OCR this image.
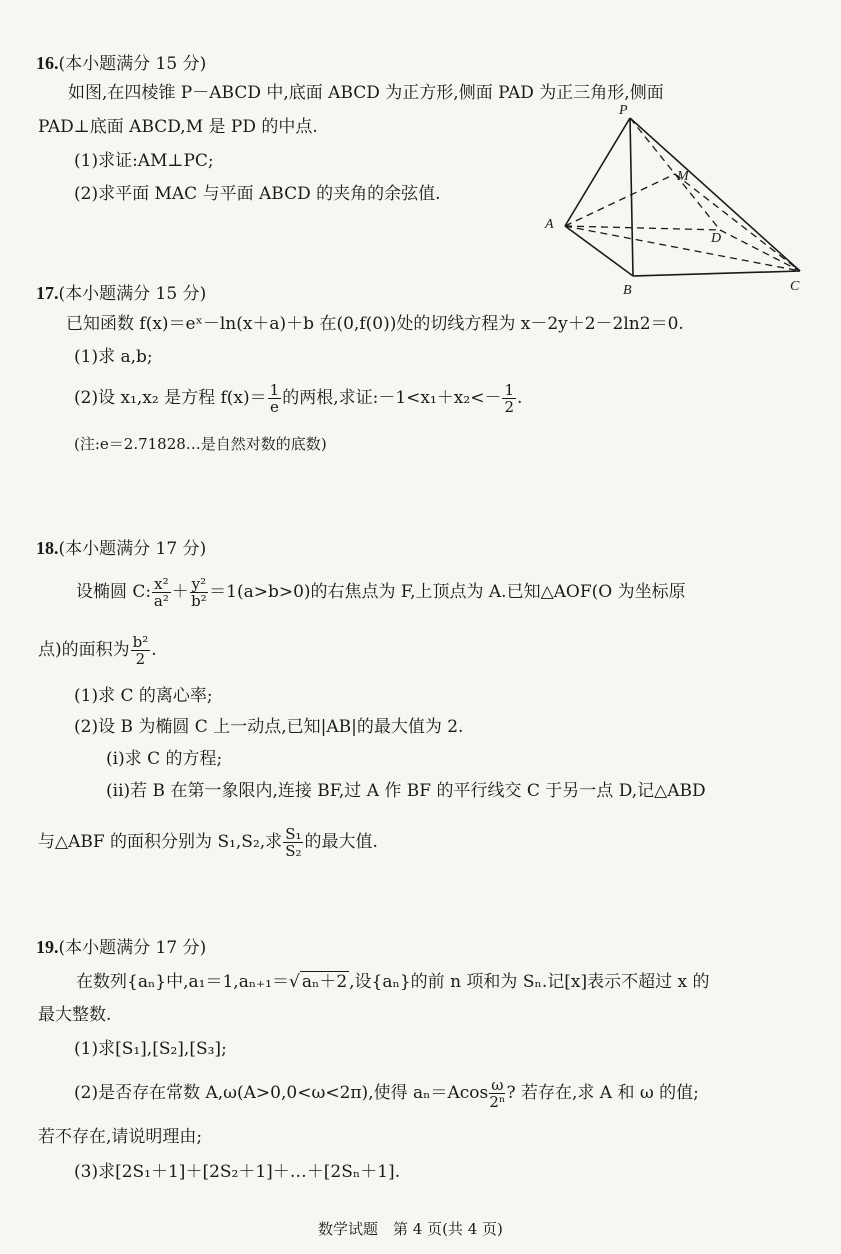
16.(本小题满分 15 分)
如图,在四棱锥 P－ABCD 中,底面 ABCD 为正方形,侧面 PAD 为正三角形,侧面
PAD⊥底面 ABCD,M 是 PD 的中点.
(1)求证:AM⊥PC;
(2)求平面 MAC 与平面 ABCD 的夹角的余弦值.
P
M
A
D
B	C
17.(本小题满分 15 分)
已知函数 f(x)＝eˣ－ln(x＋a)＋b 在(0,f(0))处的切线方程为 x－2y＋2－2ln2＝0.
(1)求 a,b;
(2)设 x₁,x₂ 是方程 $f(x)= \frac{1}{e}$ 的两根,求证:－1<x₁＋x₂<－ $\frac{1}{2}$ .
(注:e＝2.71828…是自然对数的底数)
18.(本小题满分 17 分)
设椭圆 C: $\frac{\text{x²}}{\text{a²}} + \frac{\text{y²}}{\text{b²}} =1(a>b>0)$的右焦点为 F,上顶点为 A.已知△AOF(O 为坐标原
点)的面积为 $\frac{\text{b²}}{2}$ .
(1)求 C 的离心率;
(2)设 B 为椭圆 C 上一动点,已知|AB|的最大值为 2.
(i)求 C 的方程;
(ii)若 B 在第一象限内,连接 BF,过 A 作 BF 的平行线交 C 于另一点 D,记△ABD
与△ABF 的面积分别为 S₁,S₂,求 $\frac{\text{S₁}}{\text{S₂}}$ 的最大值.
19.(本小题满分 17 分)
在数列{aₙ}中,a₁＝1,aₙ₊₁＝√ aₙ＋2 ,设{aₙ}的前 n 项和为 Sₙ.记[x]表示不超过 x 的
最大整数.
(1)求[S₁],[S₂],[S₃];
(2)是否存在常数 A,ω(A>0,0<ω<2π),使得 $a_n=Acos \frac{\omega}{\text{2ⁿ}}$ ? 若存在,求 A 和 ω 的值;
若不存在,请说明理由;
(3)求[2S₁＋1]＋[2S₂＋1]＋…＋[2Sₙ＋1].
数学试题　第 4 页(共 4 页)
